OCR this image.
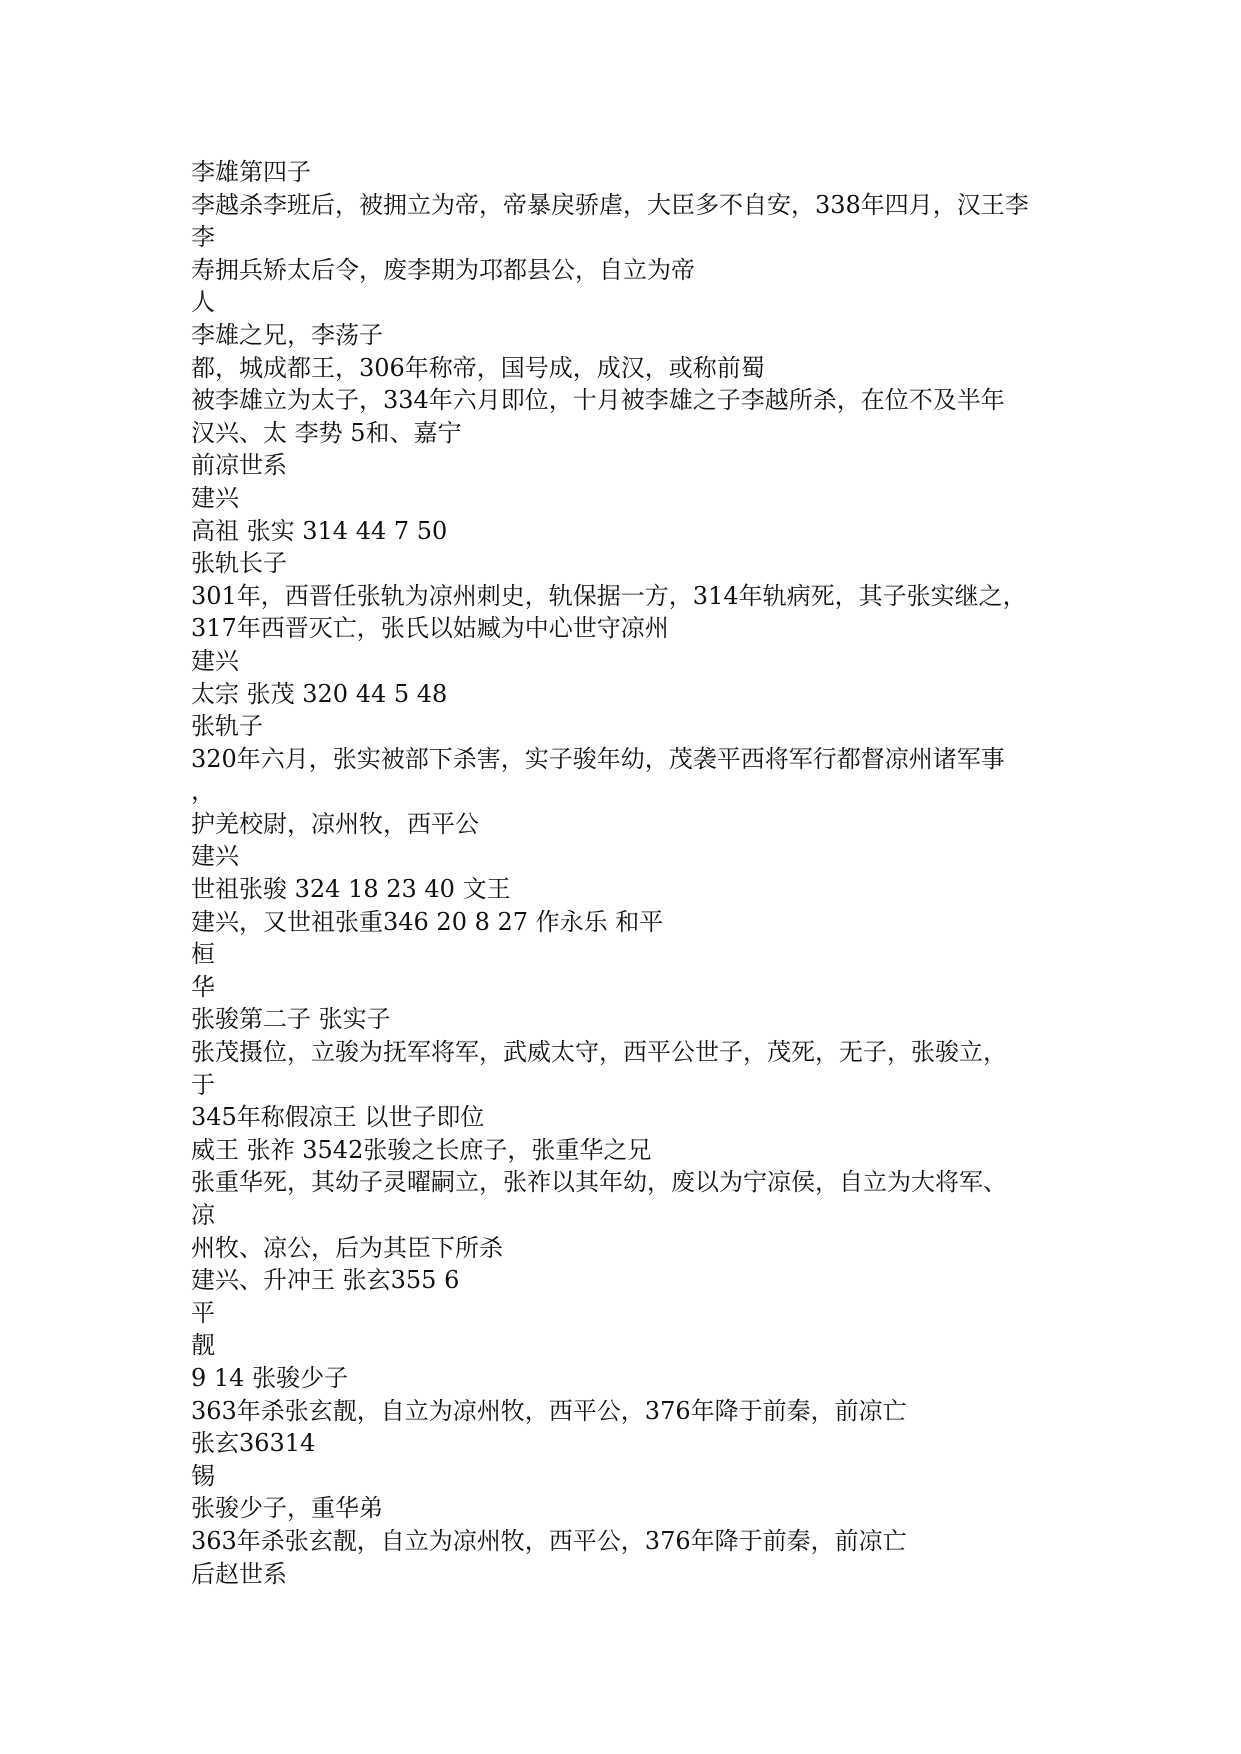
李雄第四子
李越杀李班后，被拥立为帝，帝暴戾骄虐，大臣多不自安，338年四月，汉王李
李
寿拥兵矫太后令，废李期为邛都县公，自立为帝
人
李雄之兄，李荡子
都，城成都王，306年称帝，国号成，成汉，或称前蜀
被李雄立为太子，334年六月即位，十月被李雄之子李越所杀，在位不及半年
汉兴、太 李势 5和、嘉宁
前凉世系
建兴
高祖 张实 314 44 7 50
张轨长子
301年，西晋任张轨为凉州刺史，轨保据一方，314年轨病死，其子张实继之，
317年西晋灭亡，张氏以姑臧为中心世守凉州
建兴
太宗 张茂 320 44 5 48
张轨子
320年六月，张实被部下杀害，实子骏年幼，茂袭平西将军行都督凉州诸军事
，
护羌校尉，凉州牧，西平公
建兴
世祖张骏 324 18 23 40 文王
建兴，又世祖张重346 20 8 27 作永乐 和平
桓
华
张骏第二子 张实子
张茂摄位，立骏为抚军将军，武威太守，西平公世子，茂死，无子，张骏立，
于
345年称假凉王 以世子即位
威王 张祚 3542张骏之长庶子，张重华之兄
张重华死，其幼子灵曜嗣立，张祚以其年幼，废以为宁凉侯，自立为大将军、
凉
州牧、凉公，后为其臣下所杀
建兴、升冲王 张玄355 6
平
靓
9 14 张骏少子
363年杀张玄靓，自立为凉州牧，西平公，376年降于前秦，前凉亡
张玄36314
锡
张骏少子，重华弟
363年杀张玄靓，自立为凉州牧，西平公，376年降于前秦，前凉亡
后赵世系
